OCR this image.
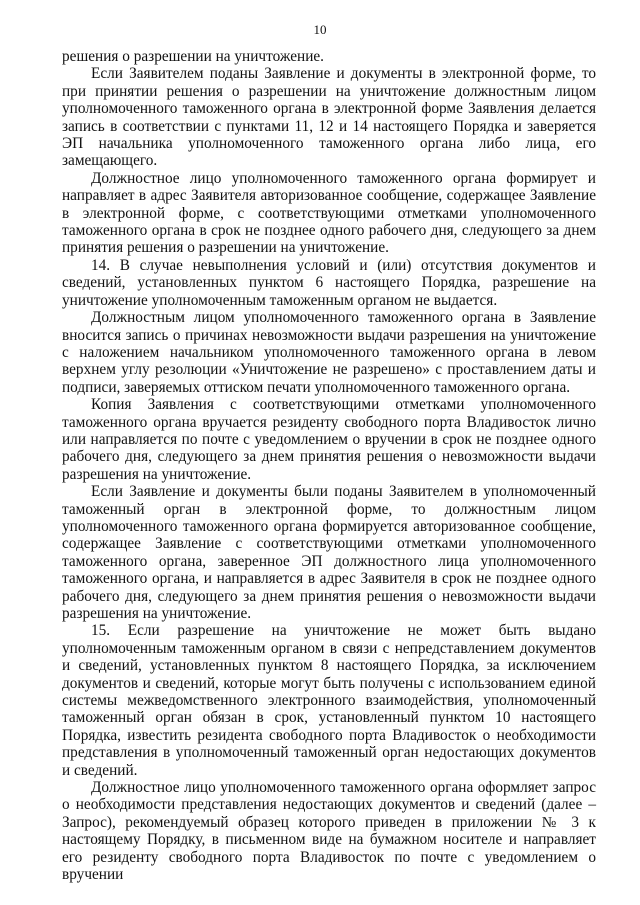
10

решения о разрешении на уничтожение.

Если Заявителем поданы Заявление и документы в электронной форме, то при принятии решения о разрешении на уничтожение должностным лицом уполномоченного таможенного органа в электронной форме Заявления делается запись в соответствии с пунктами 11, 12 и 14 настоящего Порядка и заверяется ЭП начальника уполномоченного таможенного органа либо лица, его замещающего.

Должностное лицо уполномоченного таможенного органа формирует и направляет в адрес Заявителя авторизованное сообщение, содержащее Заявление в электронной форме, с соответствующими отметками уполномоченного таможенного органа в срок не позднее одного рабочего дня, следующего за днем принятия решения о разрешении на уничтожение.

14. В случае невыполнения условий и (или) отсутствия документов и сведений, установленных пунктом 6 настоящего Порядка, разрешение на уничтожение уполномоченным таможенным органом не выдается.

Должностным лицом уполномоченного таможенного органа в Заявление вносится запись о причинах невозможности выдачи разрешения на уничтожение с наложением начальником уполномоченного таможенного органа в левом верхнем углу резолюции «Уничтожение не разрешено» с проставлением даты и подписи, заверяемых оттиском печати уполномоченного таможенного органа.

Копия Заявления с соответствующими отметками уполномоченного таможенного органа вручается резиденту свободного порта Владивосток лично или направляется по почте с уведомлением о вручении в срок не позднее одного рабочего дня, следующего за днем принятия решения о невозможности выдачи разрешения на уничтожение.

Если Заявление и документы были поданы Заявителем в уполномоченный таможенный орган в электронной форме, то должностным лицом уполномоченного таможенного органа формируется авторизованное сообщение, содержащее Заявление с соответствующими отметками уполномоченного таможенного органа, заверенное ЭП должностного лица уполномоченного таможенного органа, и направляется в адрес Заявителя в срок не позднее одного рабочего дня, следующего за днем принятия решения о невозможности выдачи разрешения на уничтожение.

15. Если разрешение на уничтожение не может быть выдано уполномоченным таможенным органом в связи с непредставлением документов и сведений, установленных пунктом 8 настоящего Порядка, за исключением документов и сведений, которые могут быть получены с использованием единой системы межведомственного электронного взаимодействия, уполномоченный таможенный орган обязан в срок, установленный пунктом 10 настоящего Порядка, известить резидента свободного порта Владивосток о необходимости представления в уполномоченный таможенный орган недостающих документов и сведений.

Должностное лицо уполномоченного таможенного органа оформляет запрос о необходимости представления недостающих документов и сведений (далее – Запрос), рекомендуемый образец которого приведен в приложении № 3 к настоящему Порядку, в письменном виде на бумажном носителе и направляет его резиденту свободного порта Владивосток по почте с уведомлением о вручении
